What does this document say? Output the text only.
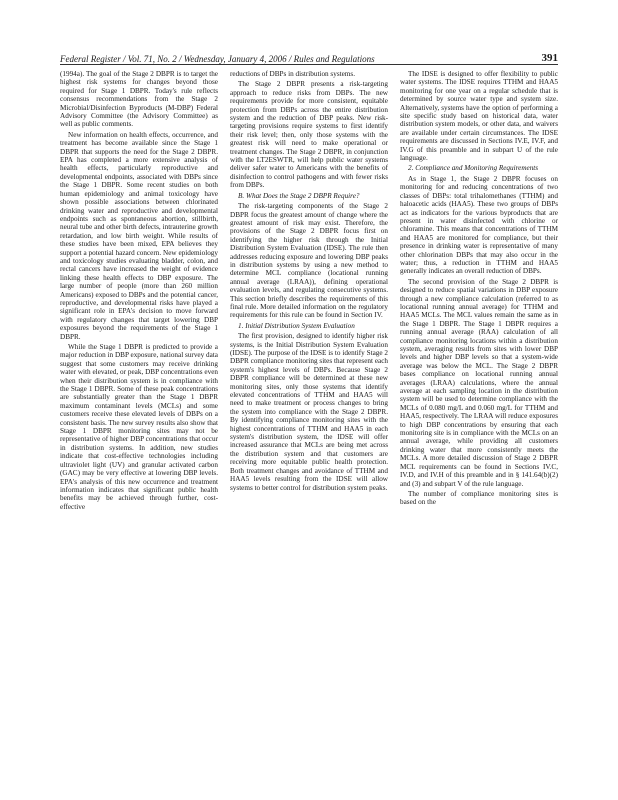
Federal Register / Vol. 71, No. 2 / Wednesday, January 4, 2006 / Rules and Regulations	391

(1994a). The goal of the Stage 2 DBPR is to target the highest risk systems for changes beyond those required for Stage 1 DBPR. Today's rule reflects consensus recommendations from the Stage 2 Microbial/Disinfection Byproducts (M-DBP) Federal Advisory Committee (the Advisory Committee) as well as public comments.

New information on health effects, occurrence, and treatment has become available since the Stage 1 DBPR that supports the need for the Stage 2 DBPR. EPA has completed a more extensive analysis of health effects, particularly reproductive and developmental endpoints, associated with DBPs since the Stage 1 DBPR. Some recent studies on both human epidemiology and animal toxicology have shown possible associations between chlorinated drinking water and reproductive and developmental endpoints such as spontaneous abortion, stillbirth, neural tube and other birth defects, intrauterine growth retardation, and low birth weight. While results of these studies have been mixed, EPA believes they support a potential hazard concern. New epidemiology and toxicology studies evaluating bladder, colon, and rectal cancers have increased the weight of evidence linking these health effects to DBP exposure. The large number of people (more than 260 million Americans) exposed to DBPs and the potential cancer, reproductive, and developmental risks have played a significant role in EPA's decision to move forward with regulatory changes that target lowering DBP exposures beyond the requirements of the Stage 1 DBPR.

While the Stage 1 DBPR is predicted to provide a major reduction in DBP exposure, national survey data suggest that some customers may receive drinking water with elevated, or peak, DBP concentrations even when their distribution system is in compliance with the Stage 1 DBPR. Some of these peak concentrations are substantially greater than the Stage 1 DBPR maximum contaminant levels (MCLs) and some customers receive these elevated levels of DBPs on a consistent basis. The new survey results also show that Stage 1 DBPR monitoring sites may not be representative of higher DBP concentrations that occur in distribution systems. In addition, new studies indicate that cost-effective technologies including ultraviolet light (UV) and granular activated carbon (GAC) may be very effective at lowering DBP levels. EPA's analysis of this new occurrence and treatment information indicates that significant public health benefits may be achieved through further, cost-effective

reductions of DBPs in distribution systems.

The Stage 2 DBPR presents a risk-targeting approach to reduce risks from DBPs. The new requirements provide for more consistent, equitable protection from DBPs across the entire distribution system and the reduction of DBP peaks. New risk-targeting provisions require systems to first identify their risk level; then, only those systems with the greatest risk will need to make operational or treatment changes. The Stage 2 DBPR, in conjunction with the LT2ESWTR, will help public water systems deliver safer water to Americans with the benefits of disinfection to control pathogens and with fewer risks from DBPs.

B. What Does the Stage 2 DBPR Require?

The risk-targeting components of the Stage 2 DBPR focus the greatest amount of change where the greatest amount of risk may exist. Therefore, the provisions of the Stage 2 DBPR focus first on identifying the higher risk through the Initial Distribution System Evaluation (IDSE). The rule then addresses reducing exposure and lowering DBP peaks in distribution systems by using a new method to determine MCL compliance (locational running annual average (LRAA)), defining operational evaluation levels, and regulating consecutive systems. This section briefly describes the requirements of this final rule. More detailed information on the regulatory requirements for this rule can be found in Section IV.

1. Initial Distribution System Evaluation

The first provision, designed to identify higher risk systems, is the Initial Distribution System Evaluation (IDSE). The purpose of the IDSE is to identify Stage 2 DBPR compliance monitoring sites that represent each system's highest levels of DBPs. Because Stage 2 DBPR compliance will be determined at these new monitoring sites, only those systems that identify elevated concentrations of TTHM and HAA5 will need to make treatment or process changes to bring the system into compliance with the Stage 2 DBPR. By identifying compliance monitoring sites with the highest concentrations of TTHM and HAA5 in each system's distribution system, the IDSE will offer increased assurance that MCLs are being met across the distribution system and that customers are receiving more equitable public health protection. Both treatment changes and avoidance of TTHM and HAA5 levels resulting from the IDSE will allow systems to better control for distribution system peaks.

The IDSE is designed to offer flexibility to public water systems. The IDSE requires TTHM and HAA5 monitoring for one year on a regular schedule that is determined by source water type and system size. Alternatively, systems have the option of performing a site specific study based on historical data, water distribution system models, or other data, and waivers are available under certain circumstances. The IDSE requirements are discussed in Sections IV.E, IV.F, and IV.G of this preamble and in subpart U of the rule language.

2. Compliance and Monitoring Requirements

As in Stage 1, the Stage 2 DBPR focuses on monitoring for and reducing concentrations of two classes of DBPs: total trihalomethanes (TTHM) and haloacetic acids (HAA5). These two groups of DBPs act as indicators for the various byproducts that are present in water disinfected with chlorine or chloramine. This means that concentrations of TTHM and HAA5 are monitored for compliance, but their presence in drinking water is representative of many other chlorination DBPs that may also occur in the water; thus, a reduction in TTHM and HAA5 generally indicates an overall reduction of DBPs.

The second provision of the Stage 2 DBPR is designed to reduce spatial variations in DBP exposure through a new compliance calculation (referred to as locational running annual average) for TTHM and HAA5 MCLs. The MCL values remain the same as in the Stage 1 DBPR. The Stage 1 DBPR requires a running annual average (RAA) calculation of all compliance monitoring locations within a distribution system, averaging results from sites with lower DBP levels and higher DBP levels so that a system-wide average was below the MCL. The Stage 2 DBPR bases compliance on locational running annual averages (LRAA) calculations, where the annual average at each sampling location in the distribution system will be used to determine compliance with the MCLs of 0.080 mg/L and 0.060 mg/L for TTHM and HAA5, respectively. The LRAA will reduce exposures to high DBP concentrations by ensuring that each monitoring site is in compliance with the MCLs on an annual average, while providing all customers drinking water that more consistently meets the MCLs. A more detailed discussion of Stage 2 DBPR MCL requirements can be found in Sections IV.C, IV.D, and IV.H of this preamble and in § 141.64(b)(2) and (3) and subpart V of the rule language.

The number of compliance monitoring sites is based on the
